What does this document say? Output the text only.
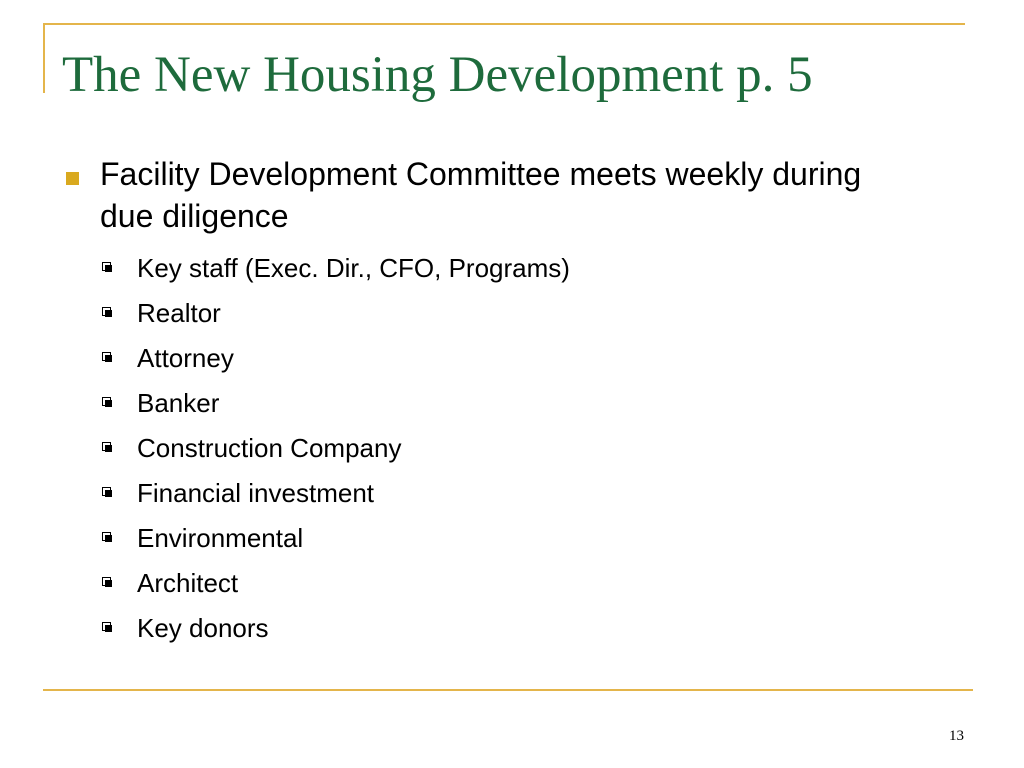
The New Housing Development p. 5
Facility Development Committee meets weekly during due diligence
Key staff (Exec. Dir., CFO, Programs)
Realtor
Attorney
Banker
Construction Company
Financial investment
Environmental
Architect
Key donors
13
